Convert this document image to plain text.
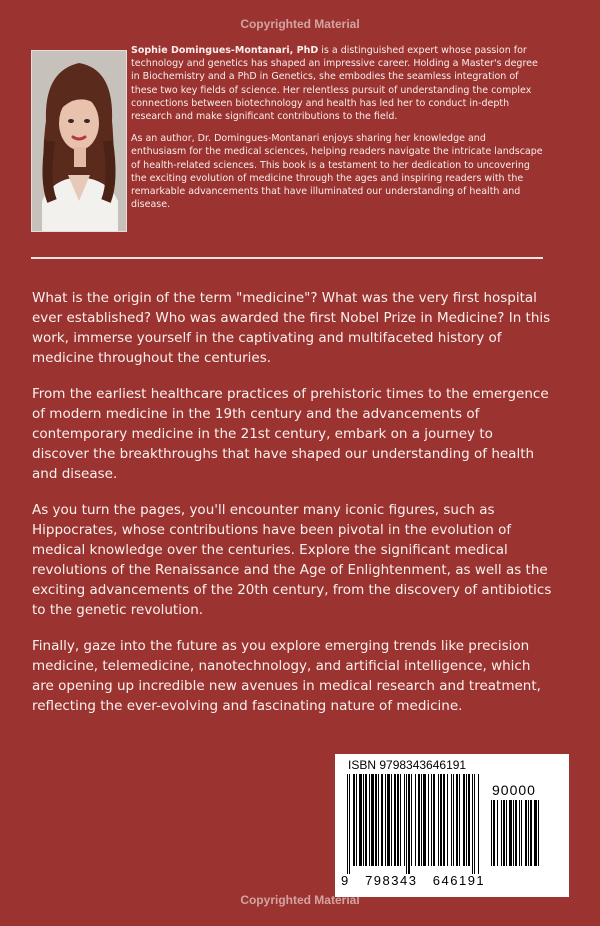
Copyrighted Material

Sophie Domingues-Montanari, PhD is a distinguished expert whose passion for technology and genetics has shaped an impressive career. Holding a Master's degree in Biochemistry and a PhD in Genetics, she embodies the seamless integration of these two key fields of science. Her relentless pursuit of understanding the complex connections between biotechnology and health has led her to conduct in-depth research and make significant contributions to the field.

As an author, Dr. Domingues-Montanari enjoys sharing her knowledge and enthusiasm for the medical sciences, helping readers navigate the intricate landscape of health-related sciences. This book is a testament to her dedication to uncovering the exciting evolution of medicine through the ages and inspiring readers with the remarkable advancements that have illuminated our understanding of health and disease.

What is the origin of the term "medicine"? What was the very first hospital ever established? Who was awarded the first Nobel Prize in Medicine? In this work, immerse yourself in the captivating and multifaceted history of medicine throughout the centuries.

From the earliest healthcare practices of prehistoric times to the emergence of modern medicine in the 19th century and the advancements of contemporary medicine in the 21st century, embark on a journey to discover the breakthroughs that have shaped our understanding of health and disease.

As you turn the pages, you'll encounter many iconic figures, such as Hippocrates, whose contributions have been pivotal in the evolution of medical knowledge over the centuries. Explore the significant medical revolutions of the Renaissance and the Age of Enlightenment, as well as the exciting advancements of the 20th century, from the discovery of antibiotics to the genetic revolution.

Finally, gaze into the future as you explore emerging trends like precision medicine, telemedicine, nanotechnology, and artificial intelligence, which are opening up incredible new avenues in medical research and treatment, reflecting the ever-evolving and fascinating nature of medicine.

ISBN 9798343646191
90000
9   798343   646191
Copyrighted Material
